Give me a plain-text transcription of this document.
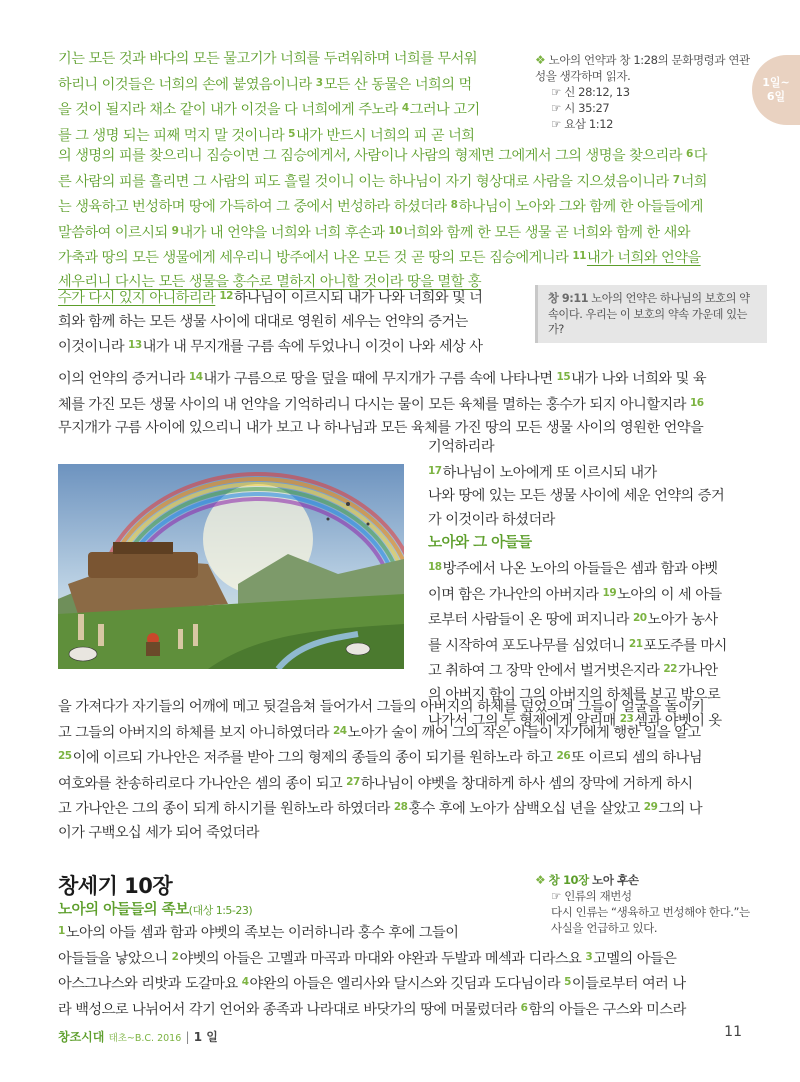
1일~
6일
❖ 노아의 언약과 창 1:28의 문화명령과 연관성을 생각하며 읽자.
☞ 신 28:12, 13
☞ 시 35:27
☞ 요삼 1:12
기는 모든 것과 바다의 모든 물고기가 너희를 두려워하며 너희를 무서워
하리니 이것들은 너희의 손에 붙였음이니라 $^3$모든 산 동물은 너희의 먹
을 것이 될지라 채소 같이 내가 이것을 다 너희에게 주노라 $^4$그러나 고기
를 그 생명 되는 피째 먹지 말 것이니라 $^5$내가 반드시 너희의 피 곧 너희
의 생명의 피를 찾으리니 짐승이면 그 짐승에게서, 사람이나 사람의 형제면 그에게서 그의 생명을 찾으리라 $^6$다
른 사람의 피를 흘리면 그 사람의 피도 흘릴 것이니 이는 하나님이 자기 형상대로 사람을 지으셨음이니라 $^7$너희
는 생육하고 번성하며 땅에 가득하여 그 중에서 번성하라 하셨더라 $^8$하나님이 노아와 그와 함께 한 아들들에게
말씀하여 이르시되 $^9$내가 내 언약을 너희와 너희 후손과 $^{10}$너희와 함께 한 모든 생물 곧 너희와 함께 한 새와
가축과 땅의 모든 생물에게 세우리니 방주에서 나온 모든 것 곧 땅의 모든 짐승에게니라 $^{11}$내가 너희와 언약을
세우리니 다시는 모든 생물을 홍수로 멸하지 아니할 것이라 땅을 멸할 홍
수가 다시 있지 아니하리라 $^{12}$하나님이 이르시되 내가 나와 너희와 및 너
희와 함께 하는 모든 생물 사이에 대대로 영원히 세우는 언약의 증거는
이것이니라 $^{13}$내가 내 무지개를 구름 속에 두었나니 이것이 나와 세상 사
창 9:11 노아의 언약은 하나님의 보호의 약속이다. 우리는 이 보호의 약속 가운데 있는가?
이의 언약의 증거니라 $^{14}$내가 구름으로 땅을 덮을 때에 무지개가 구름 속에 나타나면 $^{15}$내가 나와 너희와 및 육
체를 가진 모든 생물 사이의 내 언약을 기억하리니 다시는 물이 모든 육체를 멸하는 홍수가 되지 아니할지라 $^{16}$
무지개가 구름 사이에 있으리니 내가 보고 나 하나님과 모든 육체를 가진 땅의 모든 생물 사이의 영원한 언약을
기억하리라
$^{17}$하나님이 노아에게 또 이르시되 내가
나와 땅에 있는 모든 생물 사이에 세운 언약의 증거
가 이것이라 하셨더라
노아와 그 아들들
$^{18}$방주에서 나온 노아의 아들들은 셈과 함과 야벳
이며 함은 가나안의 아버지라 $^{19}$노아의 이 세 아들
로부터 사람들이 온 땅에 퍼지니라 $^{20}$노아가 농사
를 시작하여 포도나무를 심었더니 $^{21}$포도주를 마시
고 취하여 그 장막 안에서 벌거벗은지라 $^{22}$가나안
의 아버지 함이 그의 아버지의 하체를 보고 밖으로
나가서 그의 두 형제에게 알리매 $^{23}$셈과 야벳이 옷
을 가져다가 자기들의 어깨에 메고 뒷걸음쳐 들어가서 그들의 아버지의 하체를 덮었으며 그들이 얼굴을 돌이키
고 그들의 아버지의 하체를 보지 아니하였더라 $^{24}$노아가 술이 깨어 그의 작은 아들이 자기에게 행한 일을 알고
$^{25}$이에 이르되 가나안은 저주를 받아 그의 형제의 종들의 종이 되기를 원하노라 하고 $^{26}$또 이르되 셈의 하나님
여호와를 찬송하리로다 가나안은 셈의 종이 되고 $^{27}$하나님이 야벳을 창대하게 하사 셈의 장막에 거하게 하시
고 가나안은 그의 종이 되게 하시기를 원하노라 하였더라 $^{28}$홍수 후에 노아가 삼백오십 년을 살았고 $^{29}$그의 나
이가 구백오십 세가 되어 죽었더라
창세기 10장
노아의 아들들의 족보(대상 1:5-23)
❖ 창 10장 노아 후손
☞ 인류의 재번성
다시 인류는 “생육하고 번성해야 한다.”는 사실을 언급하고 있다.
$^1$노아의 아들 셈과 함과 야벳의 족보는 이러하니라 홍수 후에 그들이
아들들을 낳았으니 $^2$야벳의 아들은 고멜과 마곡과 마대와 야완과 두발과 메섹과 디라스요 $^3$고멜의 아들은
아스그나스와 리밧과 도갈마요 $^4$야완의 아들은 엘리사와 달시스와 깃딤과 도다님이라 $^5$이들로부터 여러 나
라 백성으로 나뉘어서 각기 언어와 종족과 나라대로 바닷가의 땅에 머물렀더라 $^6$함의 아들은 구스와 미스라
창조시대 태초~B.C. 2016 | 1 일	11
